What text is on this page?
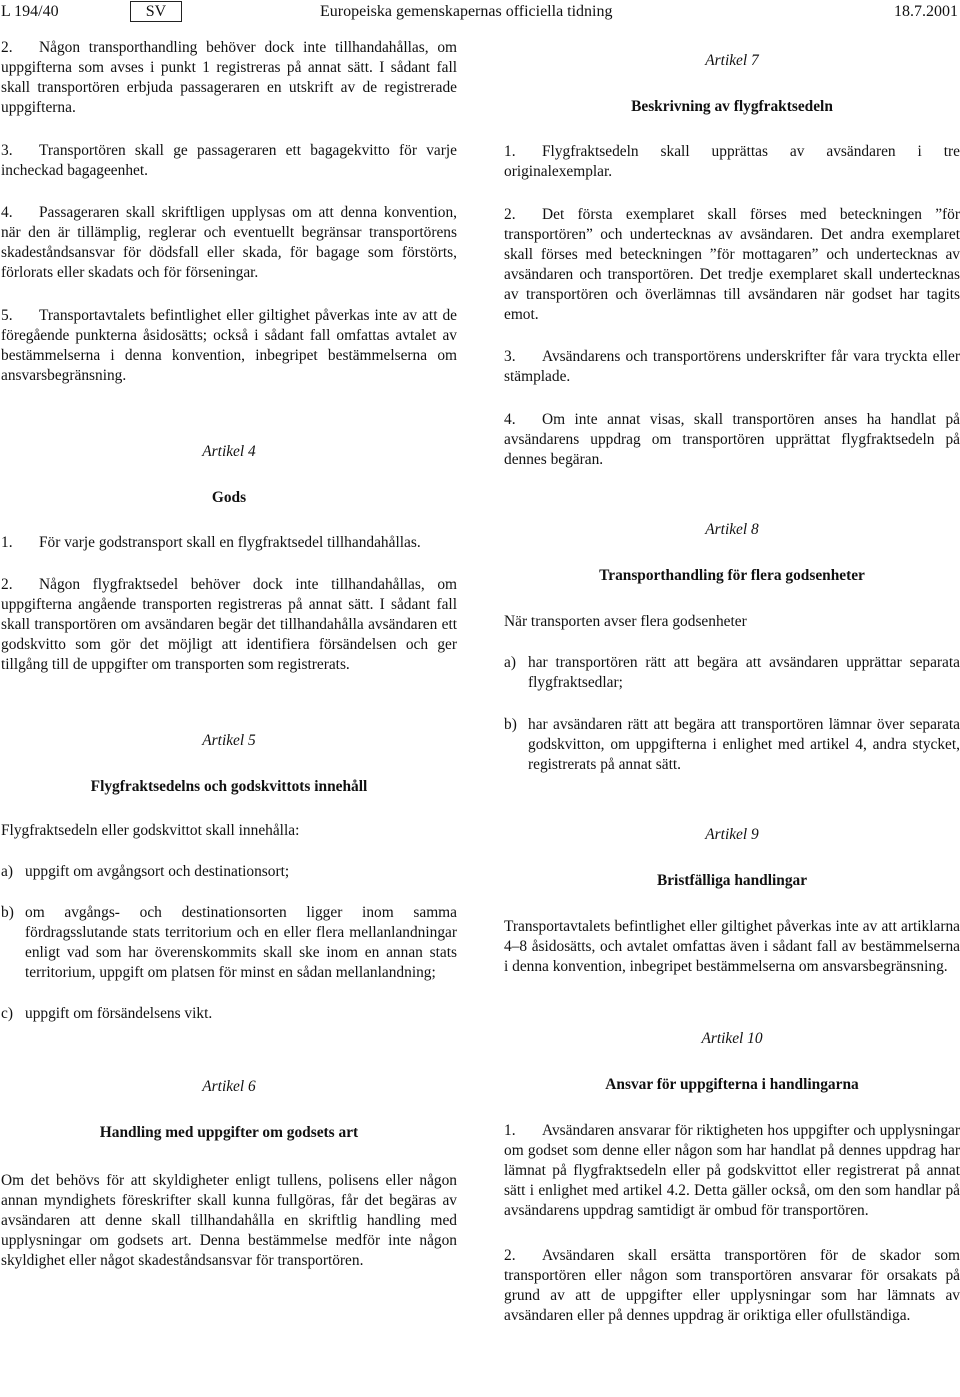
L 194/40	SV	Europeiska gemenskapernas officiella tidning	18.7.2001

2. Någon transporthandling behöver dock inte tillhandahållas, om uppgifterna som avses i punkt 1 registreras på annat sätt. I sådant fall skall transportören erbjuda passageraren en utskrift av de registrerade uppgifterna.

3. Transportören skall ge passageraren ett bagagekvitto för varje incheckad bagageenhet.

4. Passageraren skall skriftligen upplysas om att denna konvention, när den är tillämplig, reglerar och eventuellt begränsar transportörens skadeståndsansvar för dödsfall eller skada, för bagage som förstörts, förlorats eller skadats och för förseningar.

5. Transportavtalets befintlighet eller giltighet påverkas inte av att de föregående punkterna åsidosätts; också i sådant fall omfattas avtalet av bestämmelserna i denna konvention, inbegripet bestämmelserna om ansvarsbegränsning.

Artikel 4

Gods

1. För varje godstransport skall en flygfraktsedel tillhandahållas.

2. Någon flygfraktsedel behöver dock inte tillhandahållas, om uppgifterna angående transporten registreras på annat sätt. I sådant fall skall transportören om avsändaren begär det tillhandahålla avsändaren ett godskvitto som gör det möjligt att identifiera försändelsen och ger tillgång till de uppgifter om transporten som registrerats.

Artikel 5

Flygfraktsedelns och godskvittots innehåll

Flygfraktsedeln eller godskvittot skall innehålla:

a) uppgift om avgångsort och destinationsort;

b) om avgångs- och destinationsorten ligger inom samma fördragsslutande stats territorium och en eller flera mellanlandningar enligt vad som har överenskommits skall ske inom en annan stats territorium, uppgift om platsen för minst en sådan mellanlandning;

c) uppgift om försändelsens vikt.

Artikel 6

Handling med uppgifter om godsets art

Om det behövs för att skyldigheter enligt tullens, polisens eller någon annan myndighets föreskrifter skall kunna fullgöras, får det begäras av avsändaren att denne skall tillhandahålla en skriftlig handling med upplysningar om godsets art. Denna bestämmelse medför inte någon skyldighet eller något skadeståndsansvar för transportören.

Artikel 7

Beskrivning av flygfraktsedeln

1. Flygfraktsedeln skall upprättas av avsändaren i tre originalexemplar.

2. Det första exemplaret skall förses med beteckningen ”för transportören” och undertecknas av avsändaren. Det andra exemplaret skall förses med beteckningen ”för mottagaren” och undertecknas av avsändaren och transportören. Det tredje exemplaret skall undertecknas av transportören och överlämnas till avsändaren när godset har tagits emot.

3. Avsändarens och transportörens underskrifter får vara tryckta eller stämplade.

4. Om inte annat visas, skall transportören anses ha handlat på avsändarens uppdrag om transportören upprättat flygfraktsedeln på dennes begäran.

Artikel 8

Transporthandling för flera godsenheter

När transporten avser flera godsenheter

a) har transportören rätt att begära att avsändaren upprättar separata flygfraktsedlar;

b) har avsändaren rätt att begära att transportören lämnar över separata godskvitton, om uppgifterna i enlighet med artikel 4, andra stycket, registrerats på annat sätt.

Artikel 9

Bristfälliga handlingar

Transportavtalets befintlighet eller giltighet påverkas inte av att artiklarna 4–8 åsidosätts, och avtalet omfattas även i sådant fall av bestämmelserna i denna konvention, inbegripet bestämmelserna om ansvarsbegränsning.

Artikel 10

Ansvar för uppgifterna i handlingarna

1. Avsändaren ansvarar för riktigheten hos uppgifter och upplysningar om godset som denne eller någon som har handlat på dennes uppdrag har lämnat på flygfraktsedeln eller på godskvittot eller registrerat på annat sätt i enlighet med artikel 4.2. Detta gäller också, om den som handlar på avsändarens uppdrag samtidigt är ombud för transportören.

2. Avsändaren skall ersätta transportören för de skador som transportören eller någon som transportören ansvarar för orsakats på grund av att de uppgifter eller upplysningar som har lämnats av avsändaren eller på dennes uppdrag är oriktiga eller ofullständiga.
